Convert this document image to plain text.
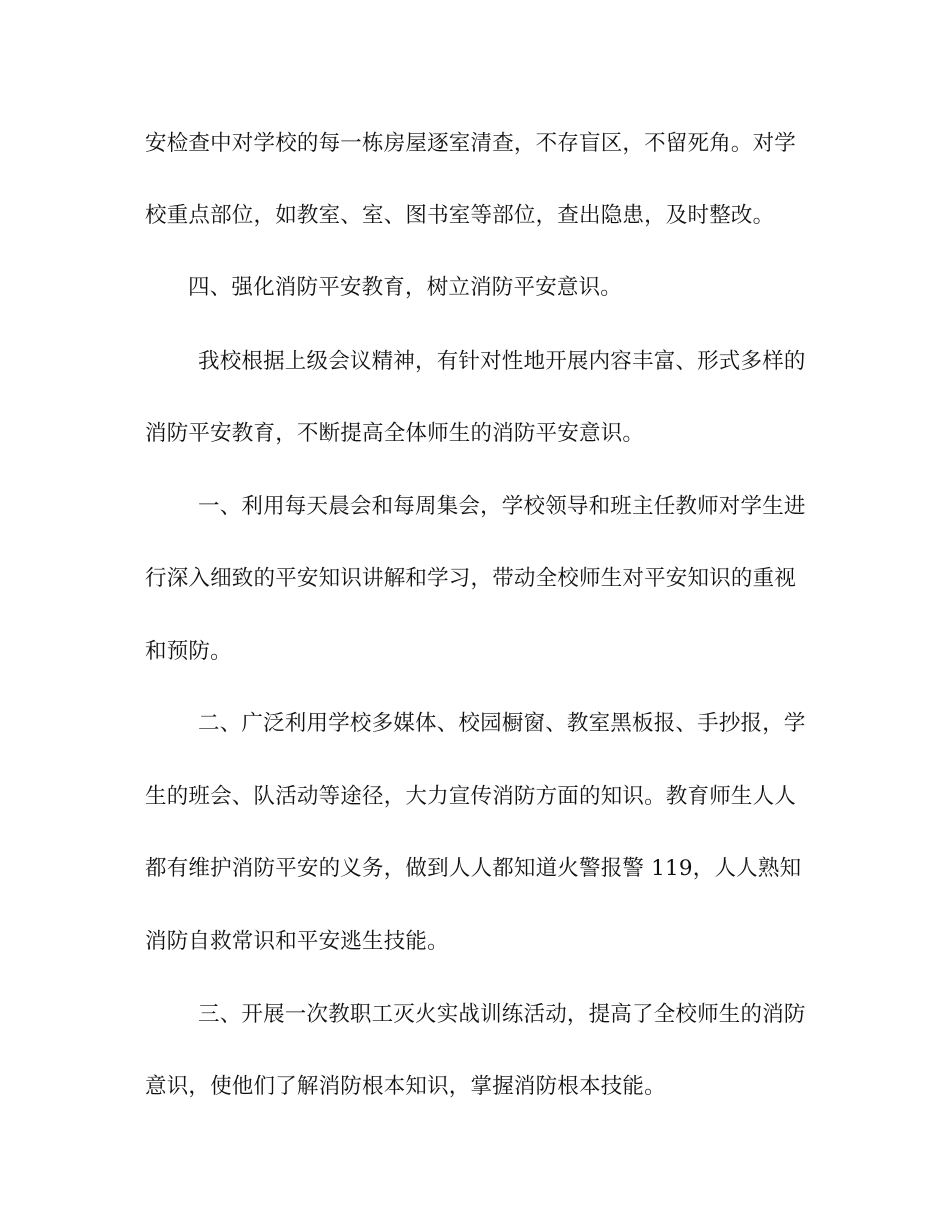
安检查中对学校的每一栋房屋逐室清查，不存盲区，不留死角。对学
校重点部位，如教室、室、图书室等部位，查出隐患，及时整改。
四、强化消防平安教育，树立消防平安意识。
我校根据上级会议精神，有针对性地开展内容丰富、形式多样的
消防平安教育，不断提高全体师生的消防平安意识。
一、利用每天晨会和每周集会，学校领导和班主任教师对学生进
行深入细致的平安知识讲解和学习，带动全校师生对平安知识的重视
和预防。
二、广泛利用学校多媒体、校园橱窗、教室黑板报、手抄报，学
生的班会、队活动等途径，大力宣传消防方面的知识。教育师生人人
都有维护消防平安的义务，做到人人都知道火警报警 119，人人熟知
消防自救常识和平安逃生技能。
三、开展一次教职工灭火实战训练活动，提高了全校师生的消防
意识，使他们了解消防根本知识，掌握消防根本技能。
